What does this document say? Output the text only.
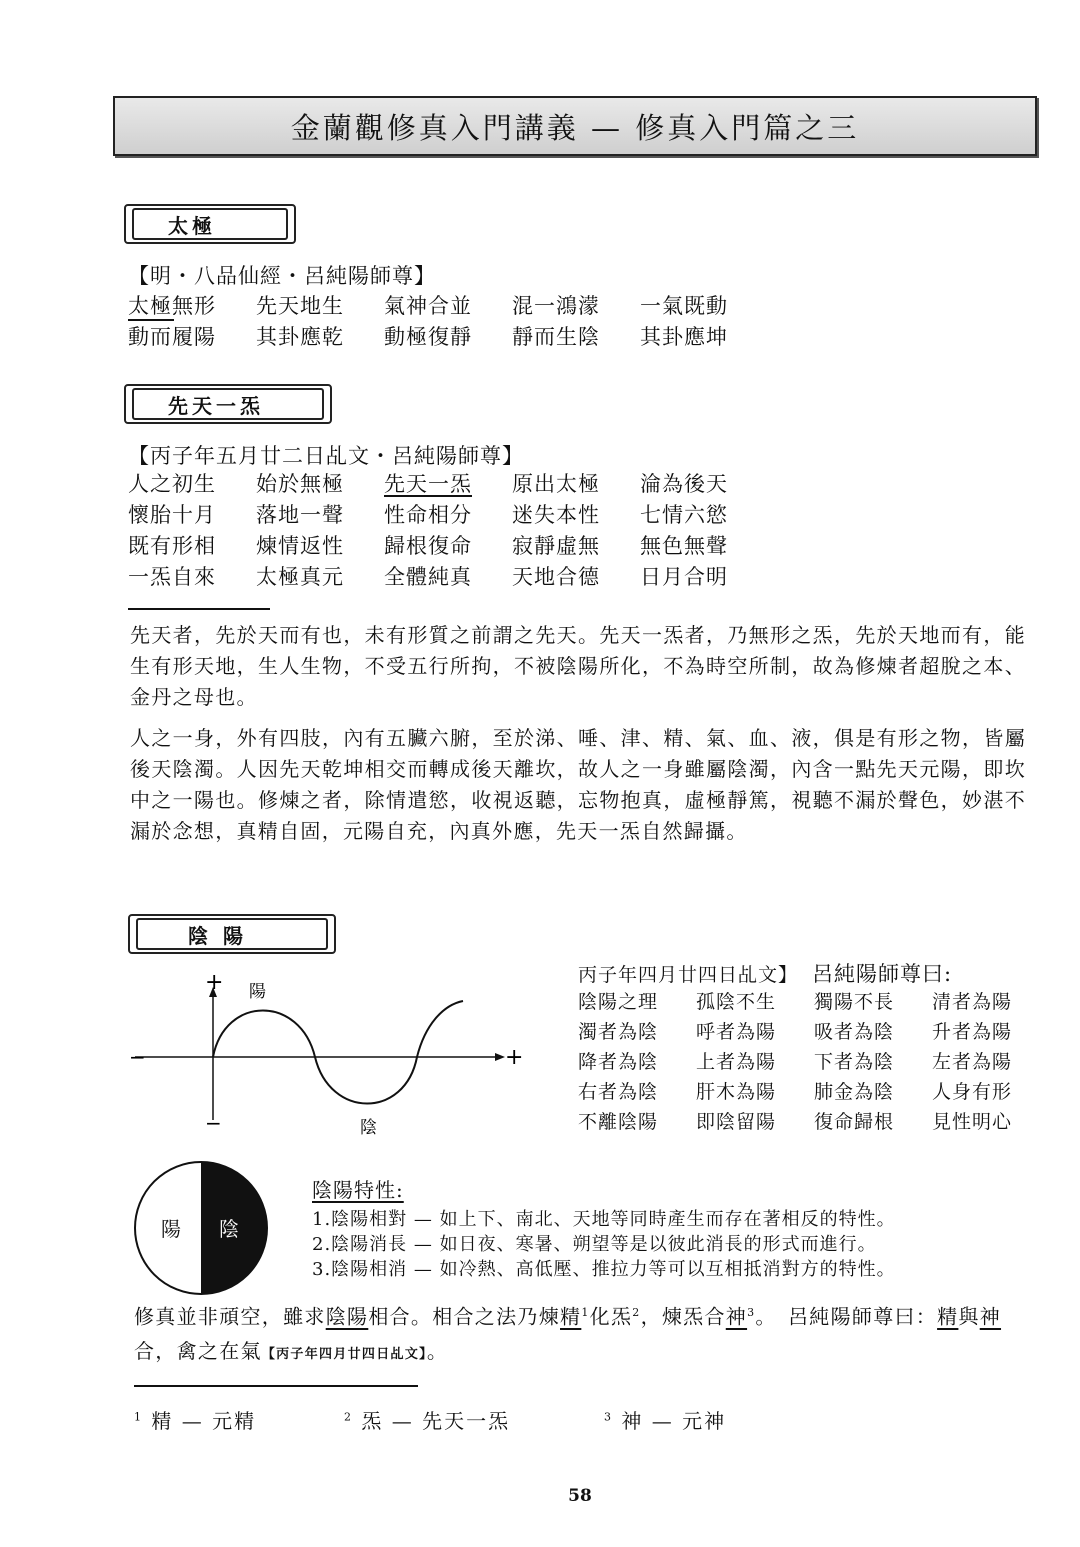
金蘭觀修真入門講義 — 修真入門篇之三
太極
【明・八品仙經・呂純陽師尊】
太極無形	先天地生	氣神合並	混一鴻濛	一氣既動
動而履陽	其卦應乾	動極復靜	靜而生陰	其卦應坤
先天一炁
【丙子年五月廿二日乩文・呂純陽師尊】
人之初生	始於無極	先天一炁	原出太極	淪為後天
懷胎十月	落地一聲	性命相分	迷失本性	七情六慾
既有形相	煉情返性	歸根復命	寂靜虛無	無色無聲
一炁自來	太極真元	全體純真	天地合德	日月合明
先天者，先於天而有也，未有形質之前謂之先天。先天一炁者，乃無形之炁，先於天地而有，能生有形天地，生人生物，不受五行所拘，不被陰陽所化，不為時空所制，故為修煉者超脫之本、金丹之母也。
人之一身，外有四肢，內有五臟六腑，至於涕、唾、津、精、氣、血、液，俱是有形之物，皆屬後天陰濁。人因先天乾坤相交而轉成後天離坎，故人之一身雖屬陰濁，內含一點先天元陽，即坎中之一陽也。修煉之者，除情遣慾，收視返聽，忘物抱真，虛極靜篤，視聽不漏於聲色，妙湛不漏於念想，真精自固，元陽自充，內真外應，先天一炁自然歸攝。
陰 陽
+
−
−	+
陽
陰
丙子年四月廿四日乩文】 呂純陽師尊曰:
陰陽之理	孤陰不生	獨陽不長	清者為陽
濁者為陰	呼者為陽	吸者為陰	升者為陽
降者為陰	上者為陽	下者為陰	左者為陽
右者為陰	肝木為陽	肺金為陰	人身有形
不離陰陽	即陰留陽	復命歸根	見性明心
陽 陰
陰陽特性:
1.陰陽相對 — 如上下、南北、天地等同時產生而存在著相反的特性。
2.陰陽消長 — 如日夜、寒暑、朔望等是以彼此消長的形式而進行。
3.陰陽相消 — 如冷熱、高低壓、推拉力等可以互相抵消對方的特性。
修真並非頑空，雖求陰陽相合。相合之法乃煉精$^1$化炁$^2$，煉炁合神$^3$。　呂純陽師尊曰：精與神合，禽之在氣【丙子年四月廿四日乩文】。
$^1$ 精 — 元精	$^2$ 炁 — 先天一炁	$^3$ 神 — 元神
58
